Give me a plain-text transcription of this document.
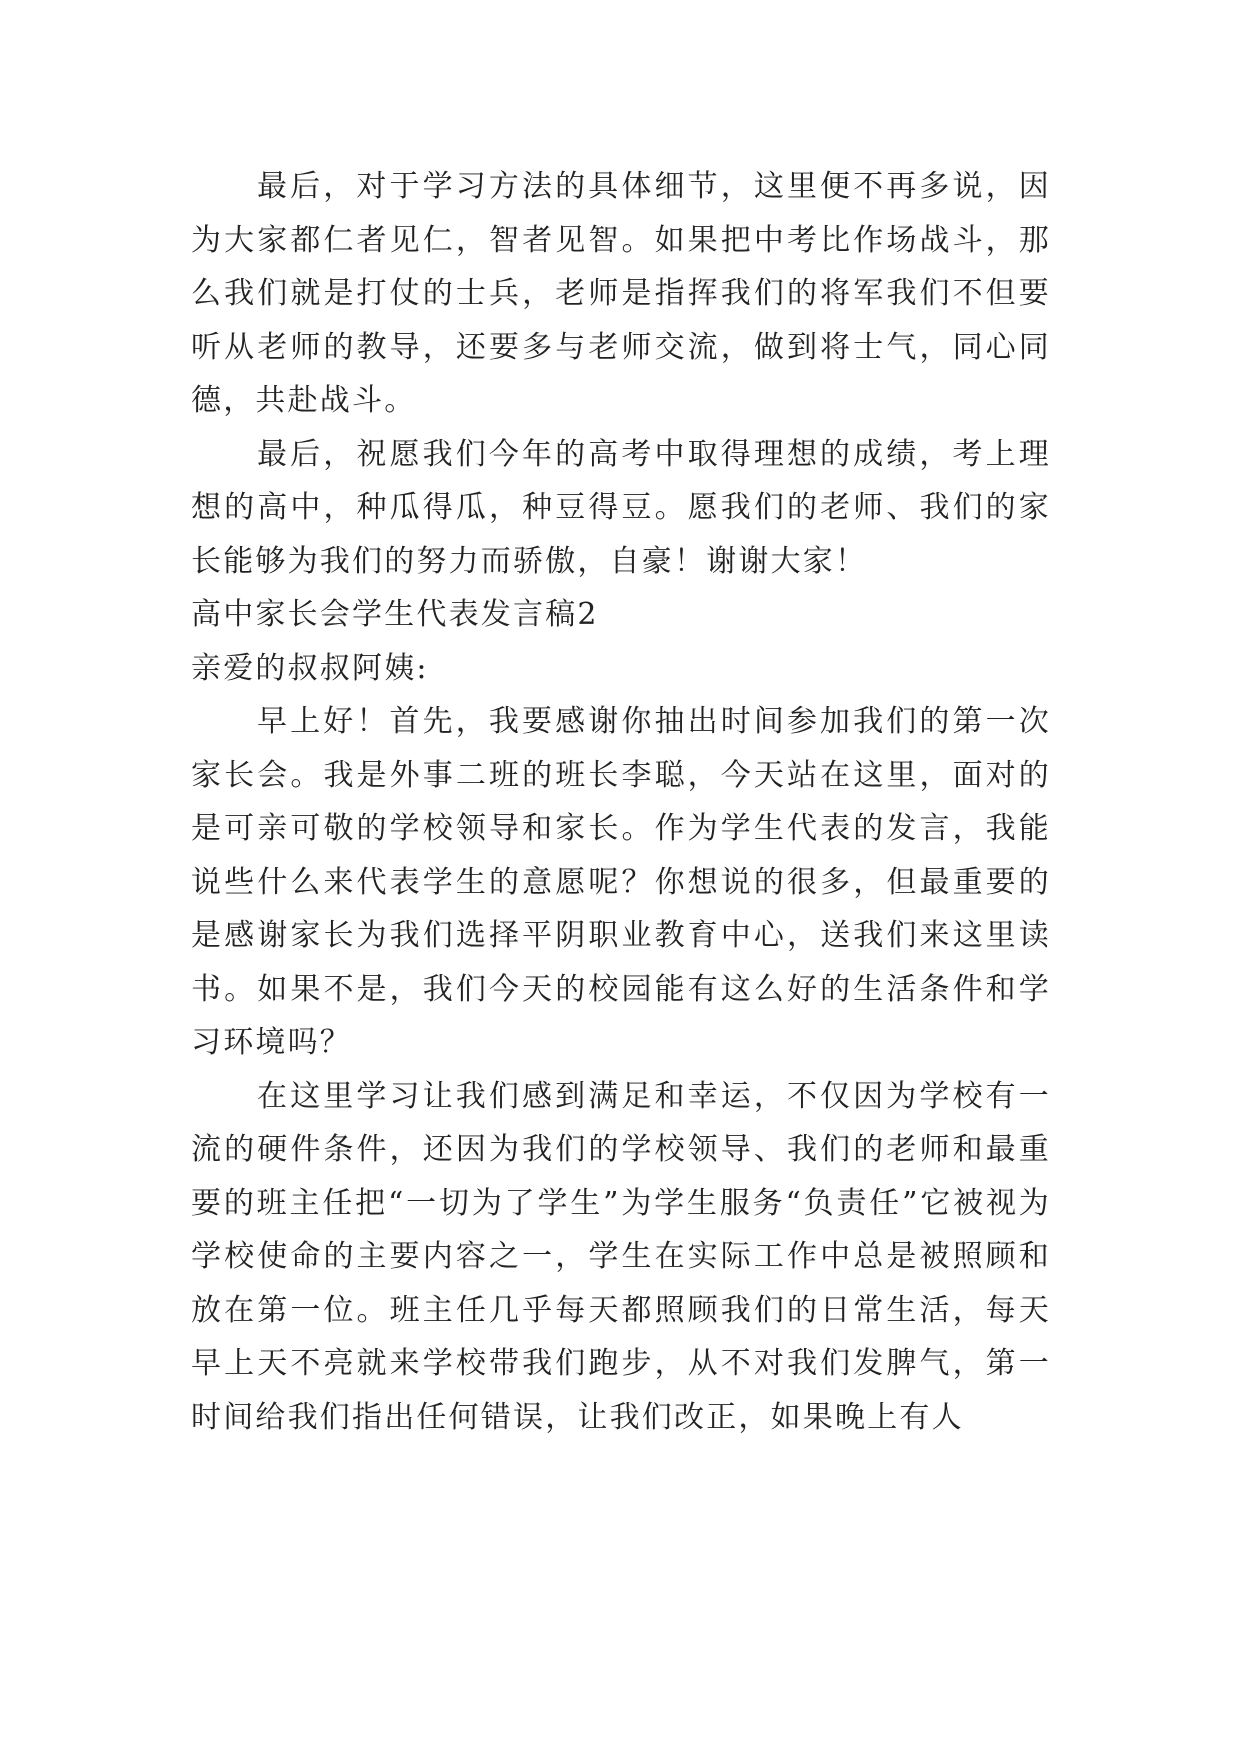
最后，对于学习方法的具体细节，这里便不再多说，因为大家都仁者见仁，智者见智。如果把中考比作场战斗，那么我们就是打仗的士兵，老师是指挥我们的将军我们不但要听从老师的教导，还要多与老师交流，做到将士气，同心同德，共赴战斗。

最后，祝愿我们今年的高考中取得理想的成绩，考上理想的高中，种瓜得瓜，种豆得豆。愿我们的老师、我们的家长能够为我们的努力而骄傲，自豪！谢谢大家！

高中家长会学生代表发言稿2

亲爱的叔叔阿姨:

早上好！首先，我要感谢你抽出时间参加我们的第一次家长会。我是外事二班的班长李聪，今天站在这里，面对的是可亲可敬的学校领导和家长。作为学生代表的发言，我能说些什么来代表学生的意愿呢？你想说的很多，但最重要的是感谢家长为我们选择平阴职业教育中心，送我们来这里读书。如果不是，我们今天的校园能有这么好的生活条件和学习环境吗？

在这里学习让我们感到满足和幸运，不仅因为学校有一流的硬件条件，还因为我们的学校领导、我们的老师和最重要的班主任把“一切为了学生”为学生服务“负责任”它被视为学校使命的主要内容之一，学生在实际工作中总是被照顾和放在第一位。班主任几乎每天都照顾我们的日常生活，每天早上天不亮就来学校带我们跑步，从不对我们发脾气，第一时间给我们指出任何错误，让我们改正，如果晚上有人
